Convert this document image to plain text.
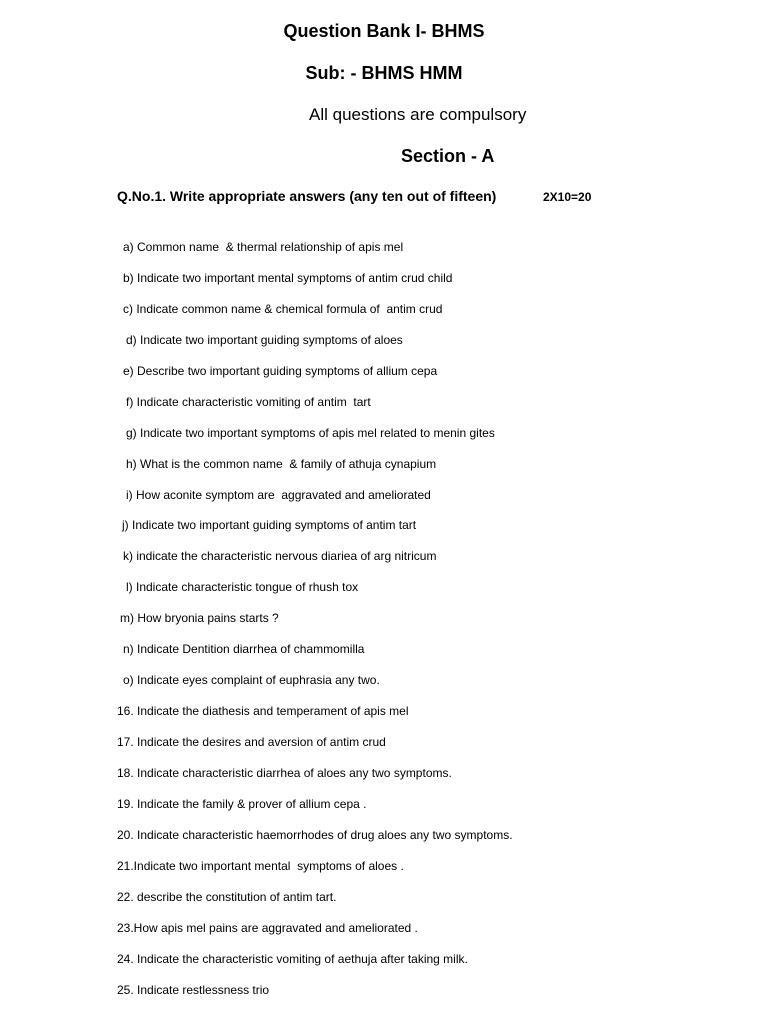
Question Bank I- BHMS
Sub: - BHMS HMM
All questions are compulsory
Section - A
Q.No.1. Write appropriate answers (any ten out of fifteen)	2X10=20
a) Common name  & thermal relationship of apis mel
b) Indicate two important mental symptoms of antim crud child
c) Indicate common name & chemical formula of  antim crud
d) Indicate two important guiding symptoms of aloes
e) Describe two important guiding symptoms of allium cepa
f) Indicate characteristic vomiting of antim  tart
g) Indicate two important symptoms of apis mel related to menin gites
h) What is the common name  & family of athuja cynapium
i) How aconite symptom are  aggravated and ameliorated
j) Indicate two important guiding symptoms of antim tart
k) indicate the characteristic nervous diariea of arg nitricum
l) Indicate characteristic tongue of rhush tox
m) How bryonia pains starts ?
n) Indicate Dentition diarrhea of chammomilla
o) Indicate eyes complaint of euphrasia any two.
16. Indicate the diathesis and temperament of apis mel
17. Indicate the desires and aversion of antim crud
18. Indicate characteristic diarrhea of aloes any two symptoms.
19. Indicate the family & prover of allium cepa .
20. Indicate characteristic haemorrhodes of drug aloes any two symptoms.
21.Indicate two important mental  symptoms of aloes .
22. describe the constitution of antim tart.
23.How apis mel pains are aggravated and ameliorated .
24. Indicate the characteristic vomiting of aethuja after taking milk.
25. Indicate restlessness trio
